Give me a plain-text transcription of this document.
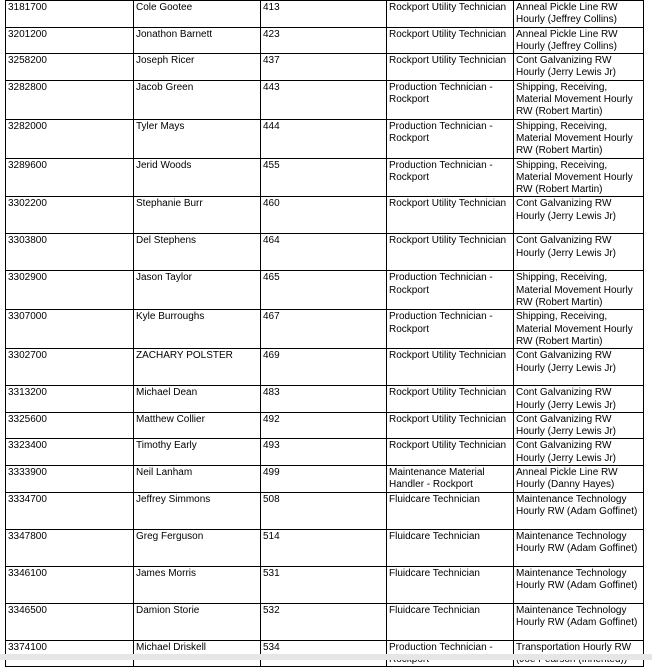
3181700	Cole Gootee	413	Rockport Utility Technician	Anneal Pickle Line RW Hourly (Jeffrey Collins)
3201200	Jonathon Barnett	423	Rockport Utility Technician	Anneal Pickle Line RW Hourly (Jeffrey Collins)
3258200	Joseph Ricer	437	Rockport Utility Technician	Cont Galvanizing RW Hourly (Jerry Lewis Jr)
3282800	Jacob Green	443	Production Technician - Rockport	Shipping, Receiving, Material Movement Hourly RW (Robert Martin)
3282000	Tyler Mays	444	Production Technician - Rockport	Shipping, Receiving, Material Movement Hourly RW (Robert Martin)
3289600	Jerid Woods	455	Production Technician - Rockport	Shipping, Receiving, Material Movement Hourly RW (Robert Martin)
3302200	Stephanie Burr	460	Rockport Utility Technician	Cont Galvanizing RW Hourly (Jerry Lewis Jr)
3303800	Del Stephens	464	Rockport Utility Technician	Cont Galvanizing RW Hourly (Jerry Lewis Jr)
3302900	Jason Taylor	465	Production Technician - Rockport	Shipping, Receiving, Material Movement Hourly RW (Robert Martin)
3307000	Kyle Burroughs	467	Production Technician - Rockport	Shipping, Receiving, Material Movement Hourly RW (Robert Martin)
3302700	ZACHARY POLSTER	469	Rockport Utility Technician	Cont Galvanizing RW Hourly (Jerry Lewis Jr)
3313200	Michael Dean	483	Rockport Utility Technician	Cont Galvanizing RW Hourly (Jerry Lewis Jr)
3325600	Matthew Collier	492	Rockport Utility Technician	Cont Galvanizing RW Hourly (Jerry Lewis Jr)
3323400	Timothy Early	493	Rockport Utility Technician	Cont Galvanizing RW Hourly (Jerry Lewis Jr)
3333900	Neil Lanham	499	Maintenance Material Handler - Rockport	Anneal Pickle Line RW Hourly (Danny Hayes)
3334700	Jeffrey Simmons	508	Fluidcare Technician	Maintenance Technology Hourly RW (Adam Goffinet)
3347800	Greg Ferguson	514	Fluidcare Technician	Maintenance Technology Hourly RW (Adam Goffinet)
3346100	James Morris	531	Fluidcare Technician	Maintenance Technology Hourly RW (Adam Goffinet)
3346500	Damion Storie	532	Fluidcare Technician	Maintenance Technology Hourly RW (Adam Goffinet)
3374100	Michael Driskell	534	Production Technician -	Transportation Hourly RW
